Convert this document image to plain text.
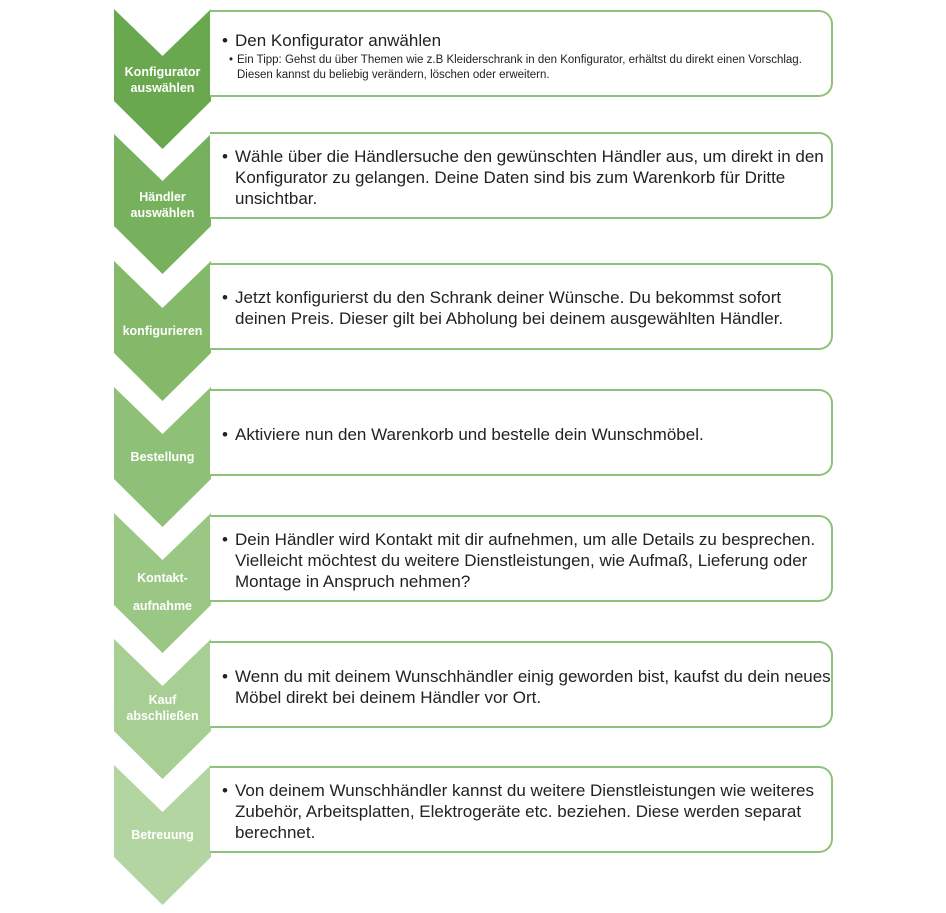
Konfigurator
auswählen
• Den Konfigurator anwählen
• Ein Tipp: Gehst du über Themen wie z.B Kleiderschrank in den Konfigurator, erhältst du direkt einen Vorschlag. Diesen kannst du beliebig verändern, löschen oder erweitern.
Händler
auswählen
• Wähle über die Händlersuche den gewünschten Händler aus, um direkt in den Konfigurator zu gelangen. Deine Daten sind bis zum Warenkorb für Dritte unsichtbar.
konfigurieren
• Jetzt konfigurierst du den Schrank deiner Wünsche. Du bekommst sofort deinen Preis. Dieser gilt bei Abholung bei deinem ausgewählten Händler.
Bestellung
• Aktiviere nun den Warenkorb und bestelle dein Wunschmöbel.
Kontakt-
aufnahme
• Dein Händler wird Kontakt mit dir aufnehmen, um alle Details zu besprechen. Vielleicht möchtest du weitere Dienstleistungen, wie Aufmaß, Lieferung oder Montage in Anspruch nehmen?
Kauf
abschließen
• Wenn du mit deinem Wunschhändler einig geworden bist, kaufst du dein neues Möbel direkt bei deinem Händler vor Ort.
Betreuung
• Von deinem Wunschhändler kannst du weitere Dienstleistungen wie weiteres Zubehör, Arbeitsplatten, Elektrogeräte etc. beziehen. Diese werden separat berechnet.
